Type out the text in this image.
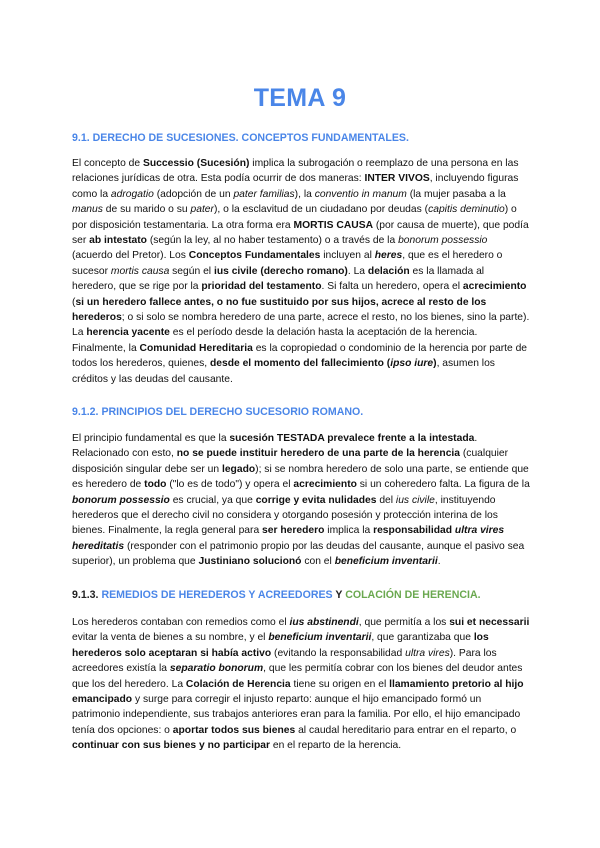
TEMA 9
9.1. DERECHO DE SUCESIONES. CONCEPTOS FUNDAMENTALES.

El concepto de Successio (Sucesión) implica la subrogación o reemplazo de una persona en las relaciones jurídicas de otra. Esta podía ocurrir de dos maneras: INTER VIVOS, incluyendo figuras como la adrogatio (adopción de un pater familias), la conventio in manum (la mujer pasaba a la manus de su marido o su pater), o la esclavitud de un ciudadano por deudas (capitis deminutio) o por disposición testamentaria. La otra forma era MORTIS CAUSA (por causa de muerte), que podía ser ab intestato (según la ley, al no haber testamento) o a través de la bonorum possessio (acuerdo del Pretor). Los Conceptos Fundamentales incluyen al heres, que es el heredero o sucesor mortis causa según el ius civile (derecho romano). La delación es la llamada al heredero, que se rige por la prioridad del testamento. Si falta un heredero, opera el acrecimiento (si un heredero fallece antes, o no fue sustituido por sus hijos, acrece al resto de los herederos; o si solo se nombra heredero de una parte, acrece el resto, no los bienes, sino la parte). La herencia yacente es el período desde la delación hasta la aceptación de la herencia. Finalmente, la Comunidad Hereditaria es la copropiedad o condominio de la herencia por parte de todos los herederos, quienes, desde el momento del fallecimiento (ipso iure), asumen los créditos y las deudas del causante.

9.1.2. PRINCIPIOS DEL DERECHO SUCESORIO ROMANO.

El principio fundamental es que la sucesión TESTADA prevalece frente a la intestada. Relacionado con esto, no se puede instituir heredero de una parte de la herencia (cualquier disposición singular debe ser un legado); si se nombra heredero de solo una parte, se entiende que es heredero de todo ("lo es de todo") y opera el acrecimiento si un coheredero falta. La figura de la bonorum possessio es crucial, ya que corrige y evita nulidades del ius civile, instituyendo herederos que el derecho civil no considera y otorgando posesión y protección interina de los bienes. Finalmente, la regla general para ser heredero implica la responsabilidad ultra vires hereditatis (responder con el patrimonio propio por las deudas del causante, aunque el pasivo sea superior), un problema que Justiniano solucionó con el beneficium inventarii.

9.1.3. REMEDIOS DE HEREDEROS Y ACREEDORES Y COLACIÓN DE HERENCIA.

Los herederos contaban con remedios como el ius abstinendi, que permitía a los sui et necessarii evitar la venta de bienes a su nombre, y el beneficium inventarii, que garantizaba que los herederos solo aceptaran si había activo (evitando la responsabilidad ultra vires). Para los acreedores existía la separatio bonorum, que les permitía cobrar con los bienes del deudor antes que los del heredero. La Colación de Herencia tiene su origen en el llamamiento pretorio al hijo emancipado y surge para corregir el injusto reparto: aunque el hijo emancipado formó un patrimonio independiente, sus trabajos anteriores eran para la familia. Por ello, el hijo emancipado tenía dos opciones: o aportar todos sus bienes al caudal hereditario para entrar en el reparto, o continuar con sus bienes y no participar en el reparto de la herencia.
